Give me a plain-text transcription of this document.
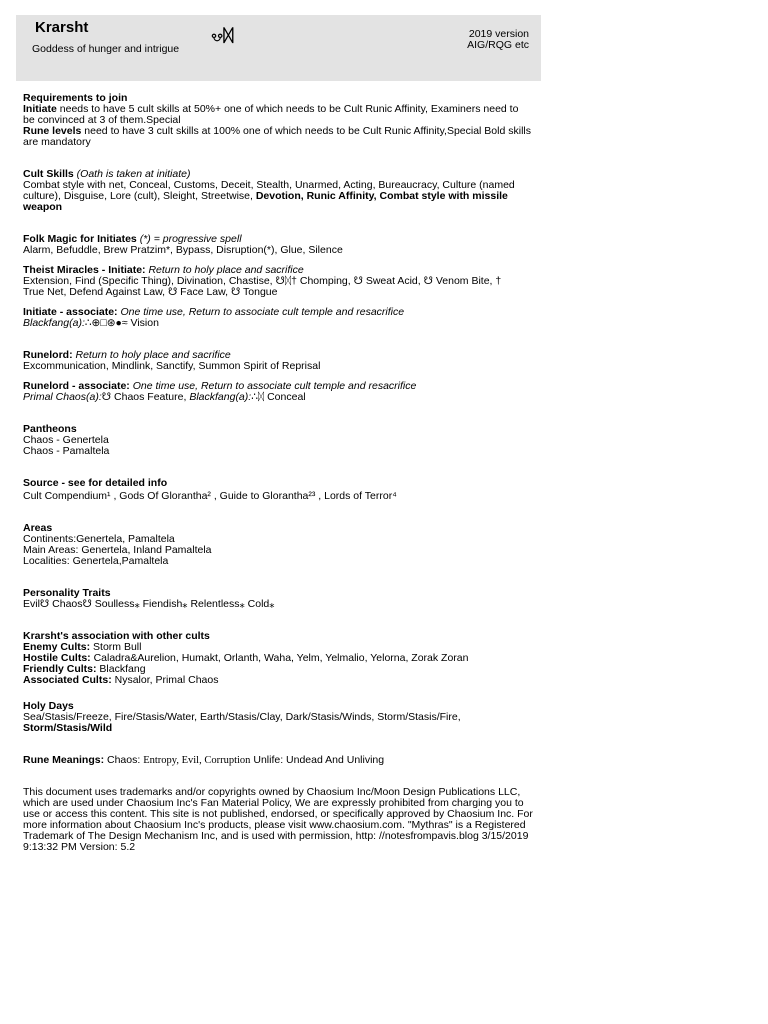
Krarsht
Goddess of hunger and intrigue
☋ᛞ	2019 version
AIG/RQG etc
Requirements to join
Initiate needs to have 5 cult skills at 50%+ one of which needs to be Cult Runic Affinity, Examiners need to be convinced at 3 of them.Special
Rune levels need to have 3 cult skills at 100% one of which needs to be Cult Runic Affinity,Special Bold skills are mandatory
Cult Skills (Oath is taken at initiate)
Combat style with net, Conceal, Customs, Deceit, Stealth, Unarmed, Acting, Bureaucracy, Culture (named culture), Disguise, Lore (cult), Sleight, Streetwise, Devotion, Runic Affinity, Combat style with missile weapon
Folk Magic for Initiates (*) = progressive spell
Alarm, Befuddle, Brew Pratzim*, Bypass, Disruption(*), Glue, Silence
Theist Miracles - Initiate: Return to holy place and sacrifice
Extension, Find (Specific Thing), Divination, Chastise, ☋ᛞ† Chomping, ☋ Sweat Acid, ☋ Venom Bite, †
True Net, Defend Against Law, ☋ Face Law, ☋ Tongue
Initiate - associate: One time use, Return to associate cult temple and resacrifice
Blackfang(a):∴⊕□⊛●≈ Vision
Runelord: Return to holy place and sacrifice
Excommunication, Mindlink, Sanctify, Summon Spirit of Reprisal
Runelord - associate: One time use, Return to associate cult temple and resacrifice
Primal Chaos(a):☋ Chaos Feature, Blackfang(a):∴ᛞ Conceal
Pantheons
Chaos - Genertela
Chaos - Pamaltela
Source - see for detailed info
Cult Compendium¹ , Gods Of Glorantha² , Guide to Glorantha²³ , Lords of Terror⁴
Areas
Continents:Genertela, Pamaltela
Main Areas: Genertela, Inland Pamaltela
Localities: Genertela,Pamaltela
Personality Traits
Evil☋ Chaos☋ Soulless⁎ Fiendish⁎ Relentless⁎ Cold⁎
Krarsht's association with other cults
Enemy Cults: Storm Bull
Hostile Cults: Caladra&Aurelion, Humakt, Orlanth, Waha, Yelm, Yelmalio, Yelorna, Zorak Zoran
Friendly Cults: Blackfang
Associated Cults: Nysalor, Primal Chaos
Holy Days
Sea/Stasis/Freeze, Fire/Stasis/Water, Earth/Stasis/Clay, Dark/Stasis/Winds, Storm/Stasis/Fire,
Storm/Stasis/Wild
Rune Meanings: Chaos: Entropy, Evil, Corruption Unlife: Undead And Unliving
This document uses trademarks and/or copyrights owned by Chaosium Inc/Moon Design Publications LLC, which are used under Chaosium Inc's Fan Material Policy, We are expressly prohibited from charging you to use or access this content. This site is not published, endorsed, or specifically approved by Chaosium Inc. For more information about Chaosium Inc's products, please visit www.chaosium.com. "Mythras" is a Registered Trademark of The Design Mechanism Inc, and is used with permission, http: //notesfrompavis.blog 3/15/2019 9:13:32 PM Version: 5.2
